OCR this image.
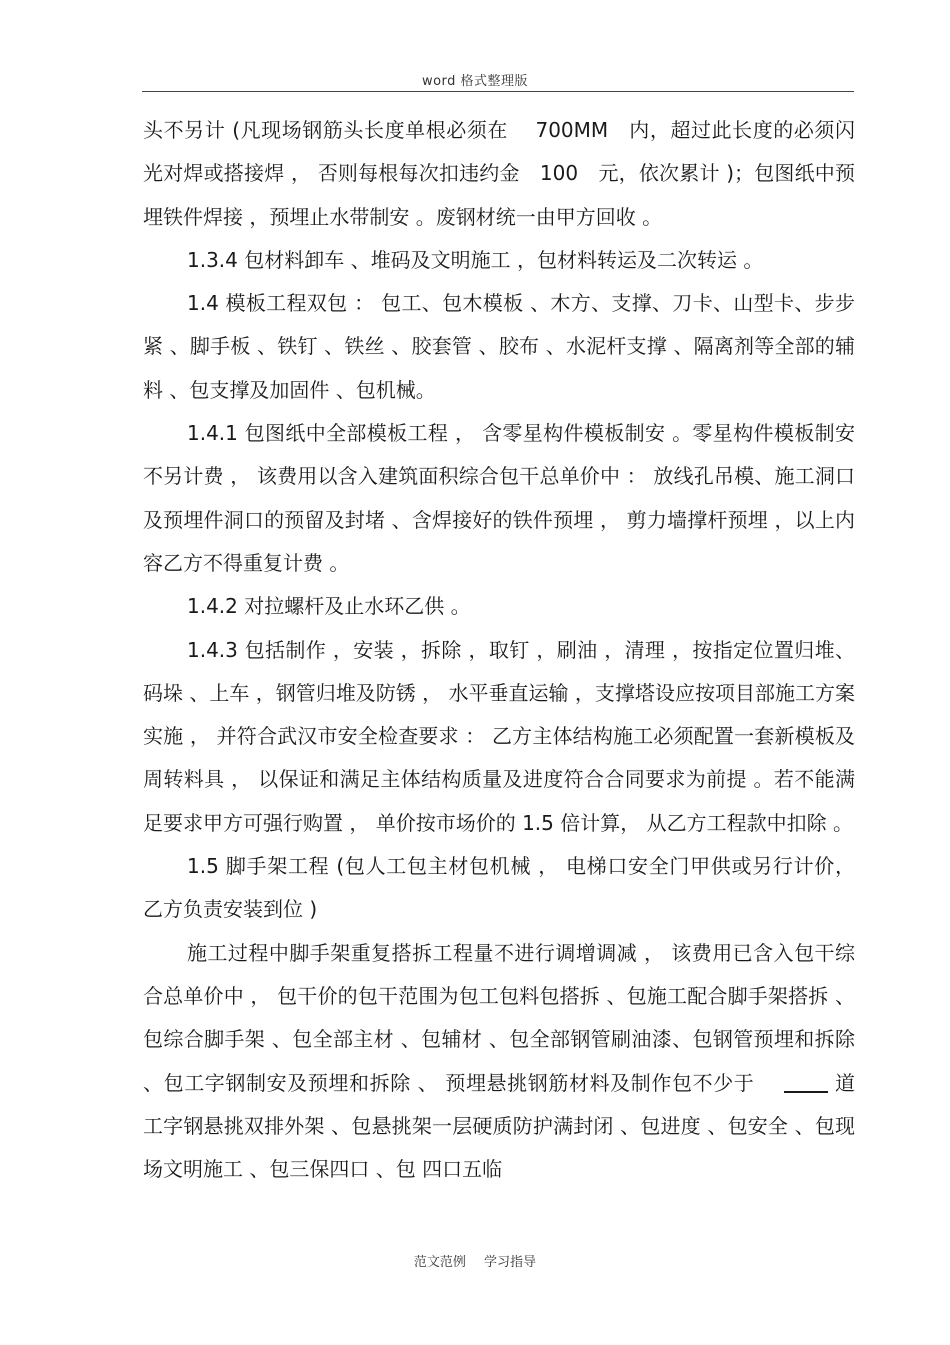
word 格式整理版

头不另计 (凡现场钢筋头长度单根必须在　 700MM　内，超过此长度的必须闪光对焊或搭接焊 ， 否则每根每次扣违约金　100　元，依次累计 )；包图纸中预埋铁件焊接 ，预埋止水带制安 。废钢材统一由甲方回收 。

1.3.4 包材料卸车 、堆码及文明施工 ，包材料转运及二次转运 。

1.4 模板工程双包 ： 包工、包木模板 、木方、支撑、刀卡、山型卡、步步紧 、脚手板 、铁钉 、铁丝 、胶套管 、胶布 、水泥杆支撑 、隔离剂等全部的辅料 、包支撑及加固件 、包机械。

1.4.1 包图纸中全部模板工程 ， 含零星构件模板制安 。零星构件模板制安不另计费 ， 该费用以含入建筑面积综合包干总单价中 ： 放线孔吊模、施工洞口及预埋件洞口的预留及封堵 、含焊接好的铁件预埋 ， 剪力墙撑杆预埋 ，以上内容乙方不得重复计费 。

1.4.2 对拉螺杆及止水环乙供 。

1.4.3 包括制作 ，安装 ，拆除 ，取钉 ，刷油 ，清理 ，按指定位置归堆、码垛 、上车 ，钢管归堆及防锈 ， 水平垂直运输 ，支撑塔设应按项目部施工方案实施 ， 并符合武汉市安全检查要求 ： 乙方主体结构施工必须配置一套新模板及周转料具 ， 以保证和满足主体结构质量及进度符合合同要求为前提 。若不能满足要求甲方可强行购置 ， 单价按市场价的 1.5 倍计算， 从乙方工程款中扣除 。

1.5 脚手架工程 (包人工包主材包机械 ， 电梯口安全门甲供或另行计价， 乙方负责安装到位 )

施工过程中脚手架重复搭拆工程量不进行调增调减 ， 该费用已含入包干综合总单价中 ， 包干价的包干范围为包工包料包搭拆 、包施工配合脚手架搭拆 、包综合脚手架 、包全部主材 、包辅材 、包全部钢管刷油漆、包钢管预埋和拆除 、包工字钢制安及预埋和拆除 、 预埋悬挑钢筋材料及制作包不少于	道工字钢悬挑双排外架 、包悬挑架一层硬质防护满封闭 、包进度 、包安全 、包现场文明施工 、包三保四口 、包 四口五临

范文范例 学习指导
